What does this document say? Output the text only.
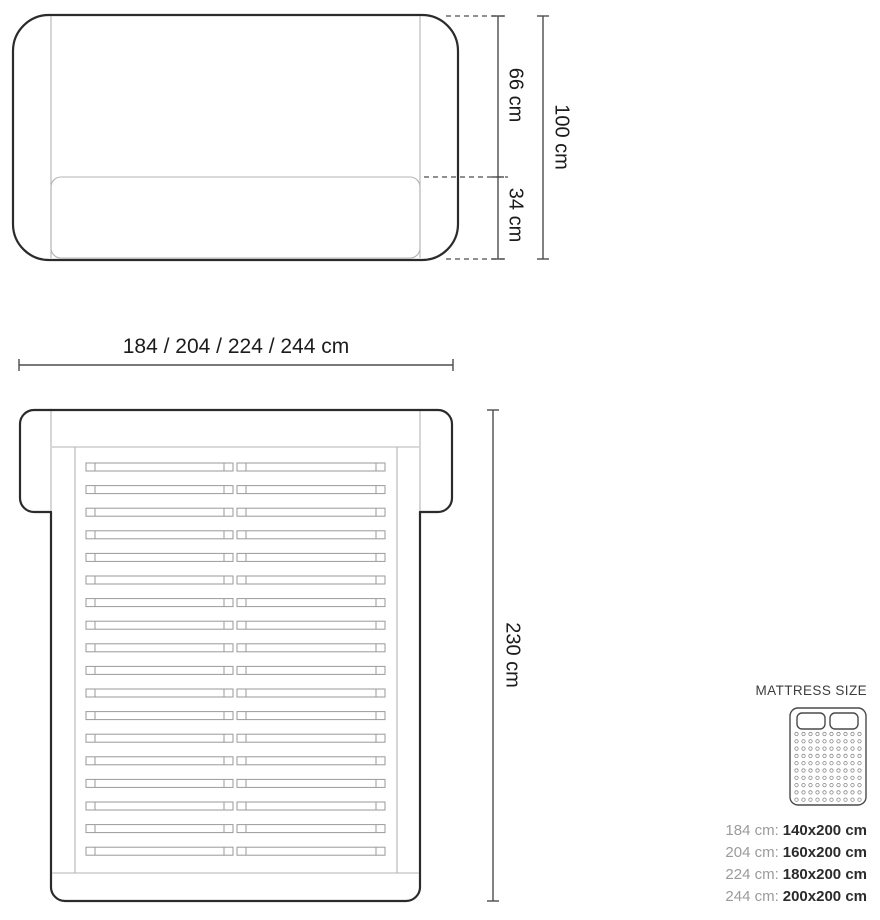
66 cm
34 cm
100 cm
184 / 204 / 224 / 244 cm
230 cm
MATTRESS SIZE
184 cm: 140x200 cm
204 cm: 160x200 cm
224 cm: 180x200 cm
244 cm: 200x200 cm
